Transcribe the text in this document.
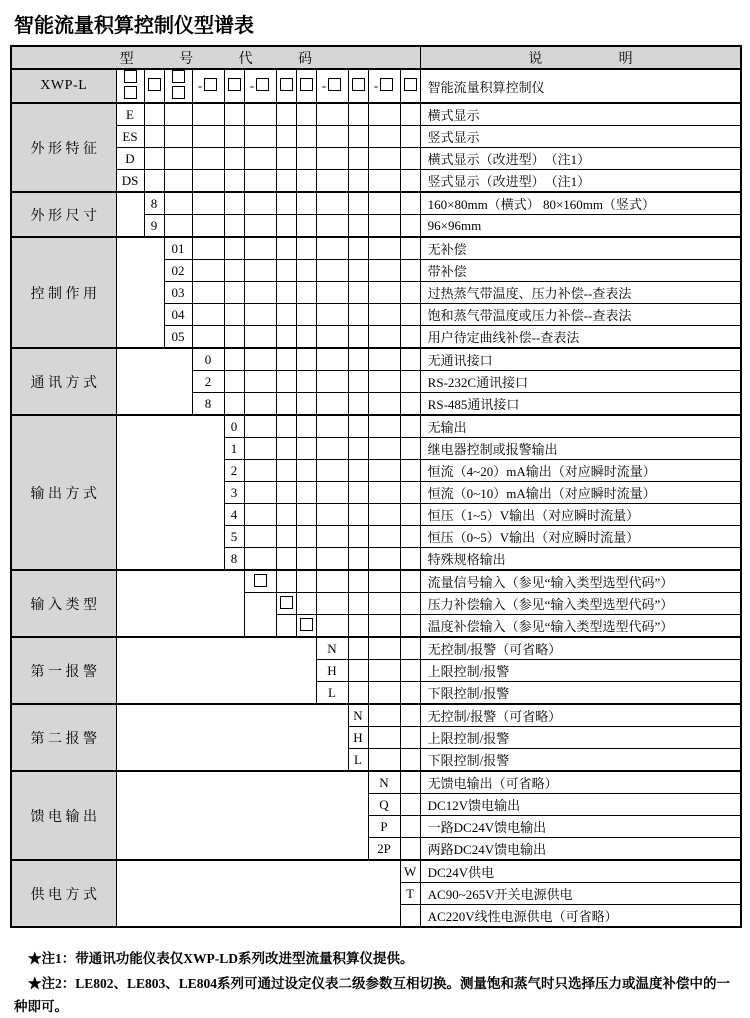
智能流量积算控制仪型谱表
型 号 代 码													说 明
XWP-L				-		-			-		-		智能流量积算控制仪
外形特征	E												横式显示
	ES												竖式显示
	D												横式显示（改进型）　（注1）
	DS												竖式显示（改进型）　（注1）
外形尺寸		8											160×80mm（横式） 80×160mm（竖式）
		9											96×96mm
控制作用			01										无补偿
			02										带补偿
			03										过热蒸气带温度、压力补偿--查表法
			04										饱和蒸气带温度或压力补偿--查表法
			05										用户待定曲线补偿--查表法
通讯方式				0									无通讯接口
				2									RS-232C通讯接口
				8									RS-485通讯接口
输出方式					0								无输出
					1								继电器控制或报警输出
					2								恒流（4~20）mA输出（对应瞬时流量）
					3								恒流（0~10）mA输出（对应瞬时流量）
					4								恒压（1~5）V输出（对应瞬时流量）
					5								恒压（0~5）V输出（对应瞬时流量）
					8								特殊规格输出
输入类型													流量信号输入（参见“输入类型选型代码”）
													压力补偿输入（参见“输入类型选型代码”）
													温度补偿输入（参见“输入类型选型代码”）
第一报警									N				无控制/报警（可省略）
									H				上限控制/报警
									L				下限控制/报警
第二报警										N			无控制/报警（可省略）
										H			上限控制/报警
										L			下限控制/报警
馈电输出											N		无馈电输出（可省略）
											Q		DC12V馈电输出
											P		一路DC24V馈电输出
											2P		两路DC24V馈电输出
供电方式												W	DC24V供电
												T	AC90~265V开关电源供电
													AC220V线性电源供电（可省略）

★注1：带通讯功能仪表仅XWP-LD系列改进型流量积算仪提供。

★注2：LE802、LE803、LE804系列可通过设定仪表二级参数互相切换。测量饱和蒸气时只选择压力或温度补偿中的一种即可。
